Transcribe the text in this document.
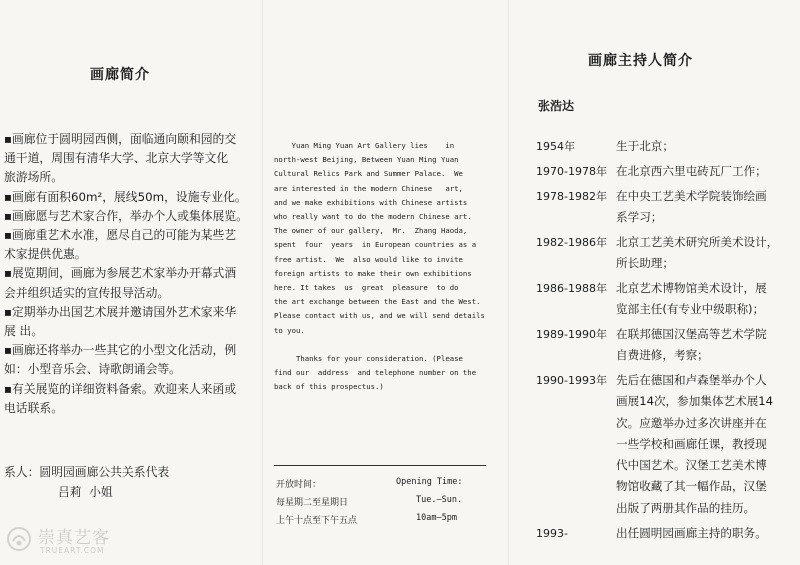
画廊简介

▪画廊位于圆明园西侧，面临通向颐和园的交
通干道，周围有清华大学、北京大学等文化
旅游场所。

▪画廊有面积60m²，展线50m，设施专业化。

▪画廊愿与艺术家合作，举办个人或集体展览。

▪画廊重艺术水准，愿尽自己的可能为某些艺
术家提供优惠。

▪展览期间，画廊为参展艺术家举办开幕式酒
会并组织适实的宣传报导活动。

▪定期举办出国艺术展并邀请国外艺术家来华
展 出。

▪画廊还将举办一些其它的小型文化活动，例
如：小型音乐会、诗歌朗诵会等。

▪有关展览的详细资料备索。欢迎来人来函或
电话联系。

系人：圆明园画廊公共关系代表
吕莉  小姐
Yuan Ming Yuan Art Gallery lies    in
north-west Beijing, Between Yuan Ming Yuan
Cultural Relics Park and Summer Palace.  We
are interested in the modern Chinese   art,
and we make exhibitions with Chinese artists
who really want to do the modern Chinese art.
The owner of our gallery,  Mr.  Zhang Haoda,
spent  four  years  in European countries as a
free artist.  We  also would like to invite
foreign artists to make their own exhibitions
here. It takes  us  great  pleasure  to do
the art exchange between the East and the West.
Please contact with us, and we will send details
to you.

Thanks for your consideration. (Please
find our  address  and telephone number on the
back of this prospectus.)
开放时间：	Opening Time:
每星期二至星期日	Tue.—Sun.
上午十点至下午五点	10am—5pm
画廊主持人简介
张浩达
1954年	生于北京；
1970-1978年 在北京西六里屯砖瓦厂工作；
1978-1982年 在中央工艺美术学院装饰绘画
系学习；
1982-1986年 北京工艺美术研究所美术设计，
所长助理；
1986-1988年 北京艺术博物馆美术设计，展
览部主任(有专业中级职称)；
1989-1990年 在联邦德国汉堡高等艺术学院
自费进修，考察；
1990-1993年 先后在德国和卢森堡举办个人
画展14次，参加集体艺术展14
次。应邀举办过多次讲座并在
一些学校和画廊任课，教授现
代中国艺术。汉堡工艺美术博
物馆收藏了其一幅作品，汉堡
出版了两册其作品的挂历。
1993-	出任圆明园画廊主持的职务。
崇真艺客
TRUEART.COM
